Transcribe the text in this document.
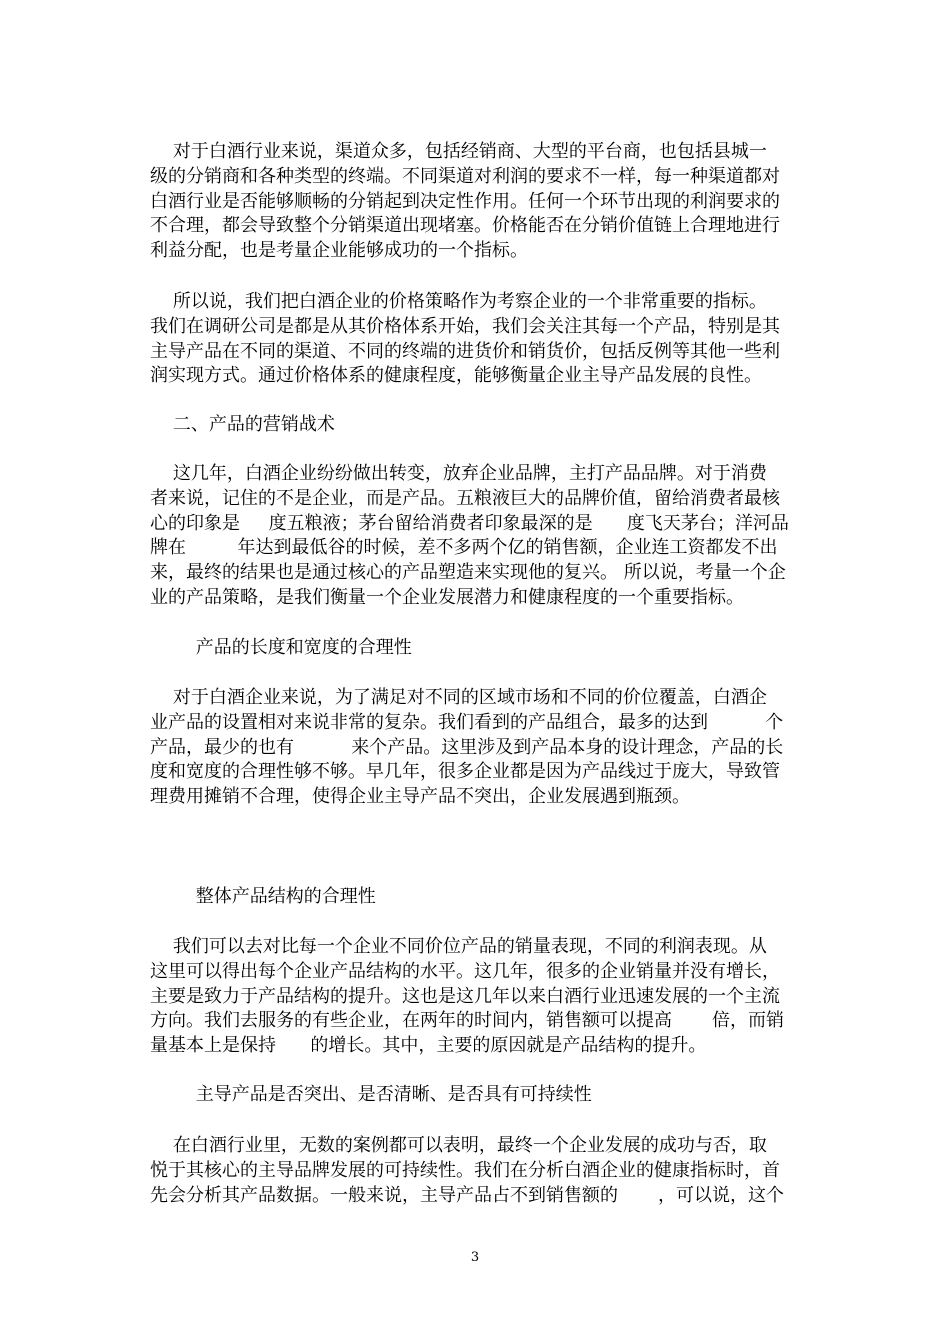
对于白酒行业来说，渠道众多，包括经销商、大型的平台商，也包括县城一

级的分销商和各种类型的终端。不同渠道对利润的要求不一样，每一种渠道都对

白酒行业是否能够顺畅的分销起到决定性作用。任何一个环节出现的利润要求的

不合理，都会导致整个分销渠道出现堵塞。价格能否在分销价值链上合理地进行

利益分配，也是考量企业能够成功的一个指标。

所以说，我们把白酒企业的价格策略作为考察企业的一个非常重要的指标。

我们在调研公司是都是从其价格体系开始，我们会关注其每一个产品，特别是其

主导产品在不同的渠道、不同的终端的进货价和销货价，包括反例等其他一些利

润实现方式。通过价格体系的健康程度，能够衡量企业主导产品发展的良性。

二、产品的营销战术

这几年，白酒企业纷纷做出转变，放弃企业品牌，主打产品品牌。对于消费

者来说，记住的不是企业，而是产品。五粮液巨大的品牌价值，留给消费者最核

心的印象是     度五粮液；茅台留给消费者印象最深的是      度飞天茅台；洋河品

牌在         年达到最低谷的时候，差不多两个亿的销售额，企业连工资都发不出

来，最终的结果也是通过核心的产品塑造来实现他的复兴。 所以说，考量一个企

业的产品策略，是我们衡量一个企业发展潜力和健康程度的一个重要指标。

产品的长度和宽度的合理性

对于白酒企业来说，为了满足对不同的区域市场和不同的价位覆盖，白酒企

业产品的设置相对来说非常的复杂。我们看到的产品组合，最多的达到          个

产品，最少的也有          来个产品。这里涉及到产品本身的设计理念，产品的长

度和宽度的合理性够不够。早几年，很多企业都是因为产品线过于庞大，导致管

理费用摊销不合理，使得企业主导产品不突出，企业发展遇到瓶颈。

整体产品结构的合理性

我们可以去对比每一个企业不同价位产品的销量表现，不同的利润表现。从

这里可以得出每个企业产品结构的水平。这几年，很多的企业销量并没有增长，

主要是致力于产品结构的提升。这也是这几年以来白酒行业迅速发展的一个主流

方向。我们去服务的有些企业，在两年的时间内，销售额可以提高       倍，而销

量基本上是保持      的增长。其中，主要的原因就是产品结构的提升。

主导产品是否突出、是否清晰、是否具有可持续性

在白酒行业里，无数的案例都可以表明，最终一个企业发展的成功与否，取

悦于其核心的主导品牌发展的可持续性。我们在分析白酒企业的健康指标时，首

先会分析其产品数据。一般来说，主导产品占不到销售额的       ，可以说，这个

3
